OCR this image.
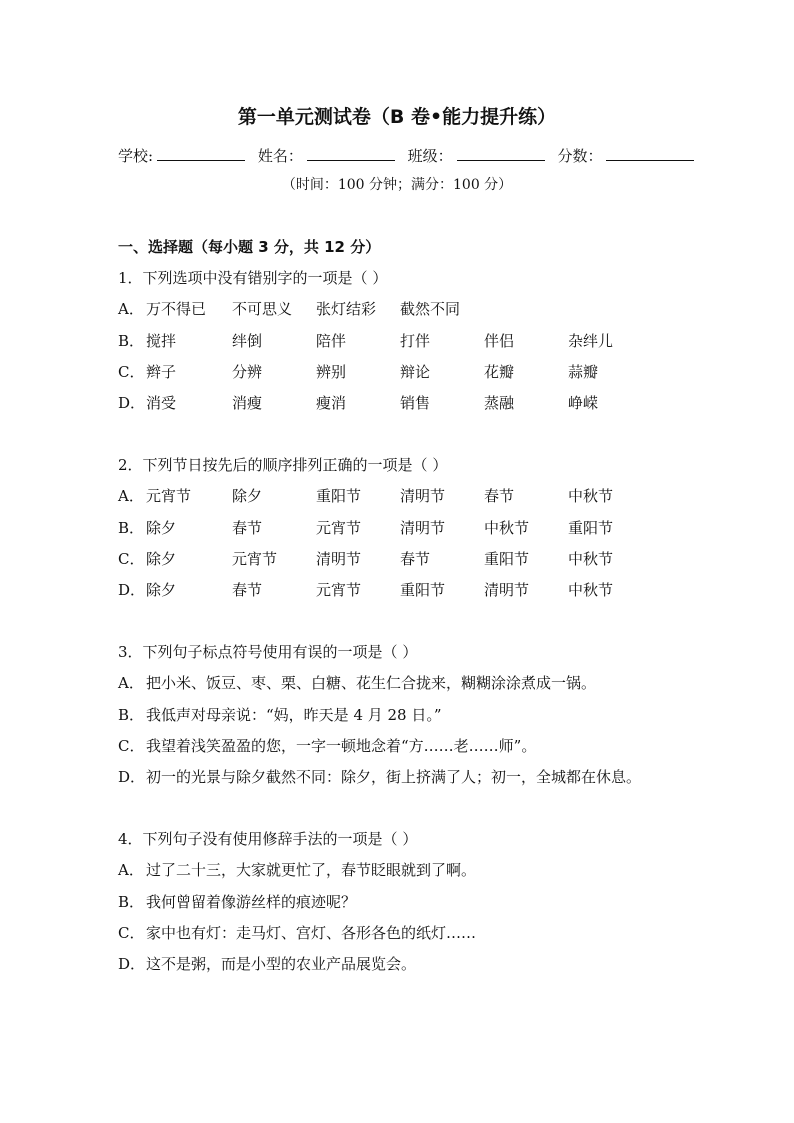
第一单元测试卷（B 卷•能力提升练）
学校:	姓名：	班级：	分数：
（时间：100 分钟；满分：100 分）
一、选择题（每小题 3 分，共 12 分）
1．下列选项中没有错别字的一项是（ ）
A． 万不得已 不可思义 张灯结彩 截然不同
B． 搅拌	绊倒	陪伴	打伴	伴侣	杂绊儿
C． 辫子	分辨	辨别	辩论	花瓣	蒜瓣
D．消受	消瘦	瘦消	销售	蒸融	峥嵘
2．下列节日按先后的顺序排列正确的一项是（ ）
A． 元宵节	除夕	重阳节	清明节	春节	中秋节
B． 除夕	春节	元宵节	清明节	中秋节	重阳节
C． 除夕	元宵节	清明节	春节	重阳节	中秋节
D．除夕	春节	元宵节	重阳节	清明节	中秋节
3．下列句子标点符号使用有误的一项是（ ）
A． 把小米、饭豆、枣、栗、白糖、花生仁合拢来，糊糊涂涂煮成一锅。
B． 我低声对母亲说：“妈，昨天是 4 月 28 日。”
C． 我望着浅笑盈盈的您，一字一顿地念着“方……老……师”。
D．初一的光景与除夕截然不同：除夕，街上挤满了人；初一，全城都在休息。
4．下列句子没有使用修辞手法的一项是（ ）
A． 过了二十三，大家就更忙了，春节眨眼就到了啊。
B． 我何曾留着像游丝样的痕迹呢？
C． 家中也有灯：走马灯、宫灯、各形各色的纸灯……
D．这不是粥，而是小型的农业产品展览会。
